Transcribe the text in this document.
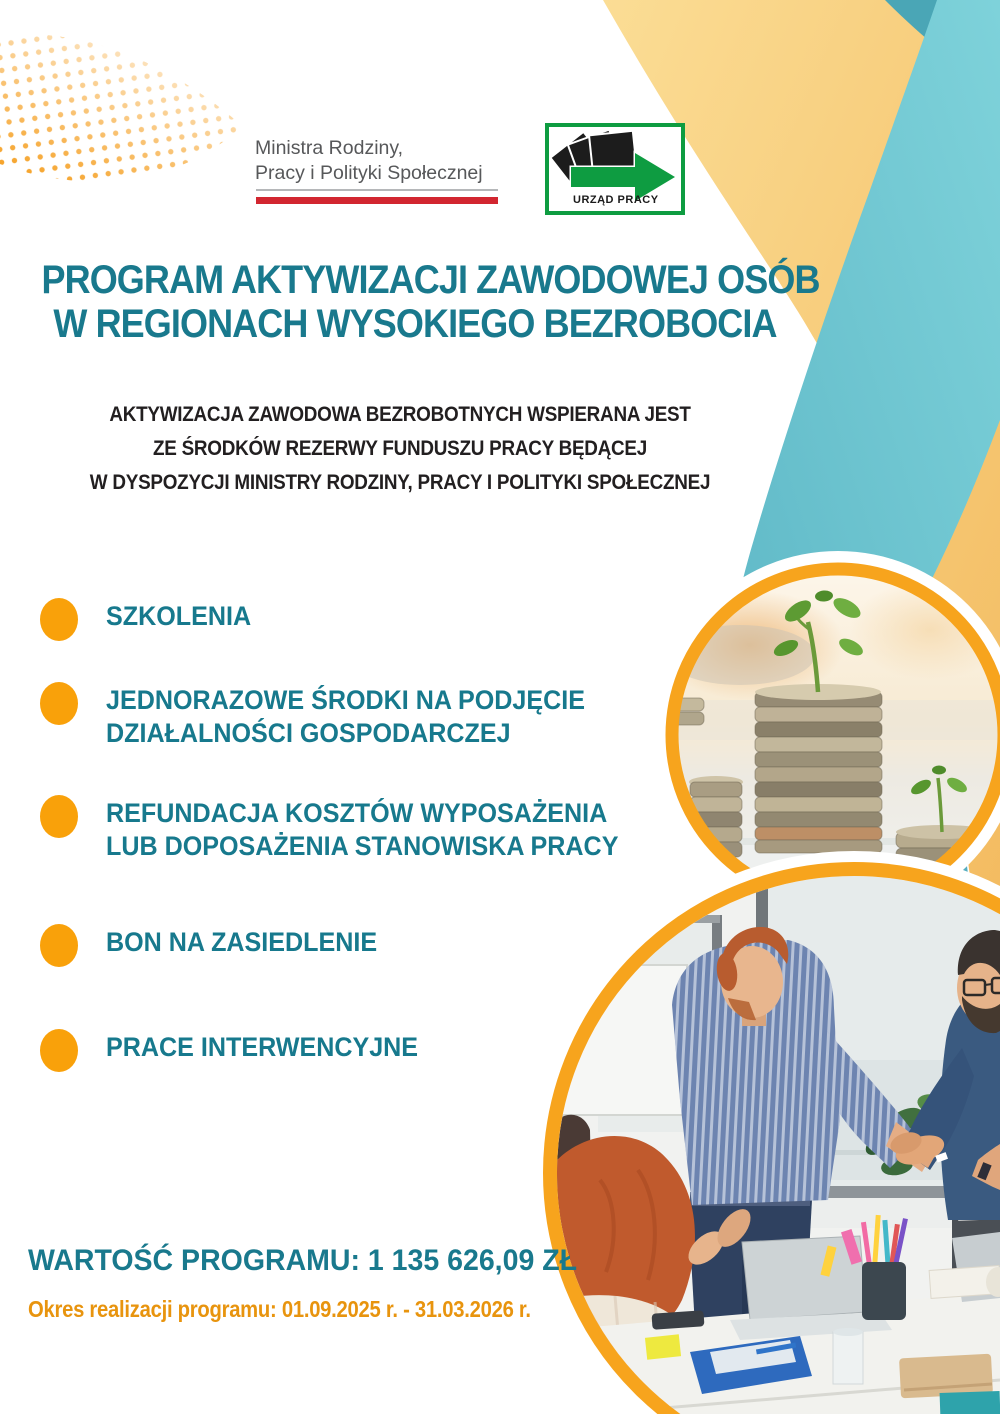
Ministra Rodziny,
Pracy i Polityki Społecznej
URZĄD PRACY
PROGRAM AKTYWIZACJI ZAWODOWEJ OSÓB
W REGIONACH WYSOKIEGO BEZROBOCIA
AKTYWIZACJA ZAWODOWA BEZROBOTNYCH WSPIERANA JEST
ZE ŚRODKÓW REZERWY FUNDUSZU PRACY BĘDĄCEJ
W DYSPOZYCJI MINISTRY RODZINY, PRACY I POLITYKI SPOŁECZNEJ
SZKOLENIA
JEDNORAZOWE ŚRODKI NA PODJĘCIE
DZIAŁALNOŚCI GOSPODARCZEJ
REFUNDACJA KOSZTÓW WYPOSAŻENIA
LUB DOPOSAŻENIA STANOWISKA PRACY
BON NA ZASIEDLENIE
PRACE INTERWENCYJNE
WARTOŚĆ PROGRAMU: 1 135 626,09 ZŁ
Okres realizacji programu: 01.09.2025 r. - 31.03.2026 r.
